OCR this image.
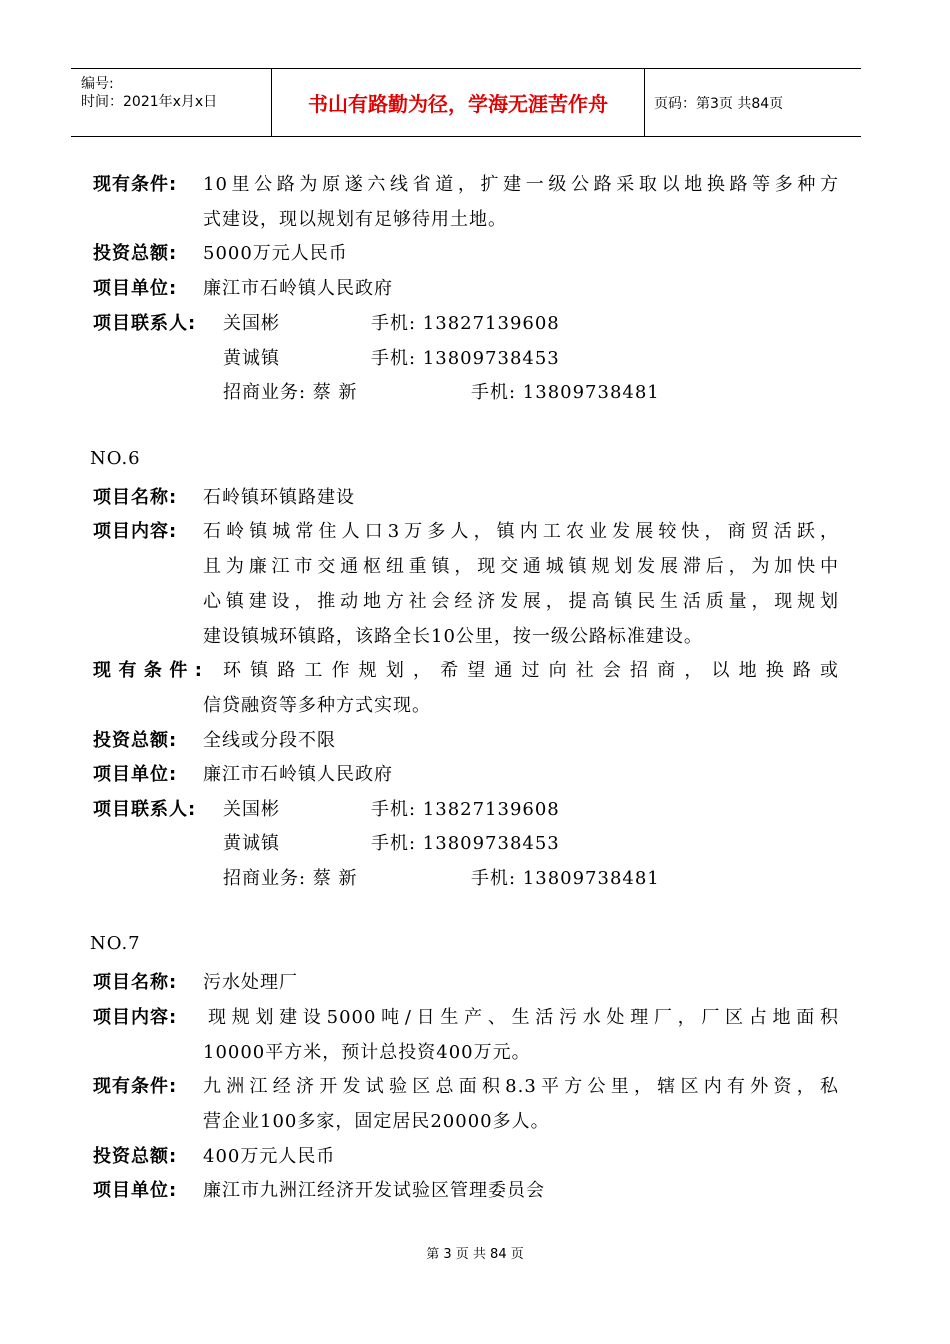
编号:
时间：2021年x月x日	书山有路勤为径，学海无涯苦作舟	页码：第3页 共84页
现有条件: 10里公路为原遂六线省道，扩建一级公路采取以地换路等多种方
式建设，现以规划有足够待用土地。
投资总额: 5000万元人民币
项目单位: 廉江市石岭镇人民政府
项目联系人: 关国彬	手机: 13827139608
黄诚镇	手机: 13809738453
招商业务: 蔡 新	手机: 13809738481
NO.6
项目名称: 石岭镇环镇路建设
项目内容: 石岭镇城常住人口3万多人，镇内工农业发展较快，商贸活跃，
且为廉江市交通枢纽重镇，现交通城镇规划发展滞后，为加快中
心镇建设，推动地方社会经济发展，提高镇民生活质量，现规划
建设镇城环镇路，该路全长10公里，按一级公路标准建设。
现有条件: 环镇路工作规划，希望通过向社会招商，以地换路或
信贷融资等多种方式实现。
投资总额: 全线或分段不限
项目单位: 廉江市石岭镇人民政府
项目联系人: 关国彬	手机: 13827139608
黄诚镇	手机: 13809738453
招商业务: 蔡 新	手机: 13809738481
NO.7
项目名称: 污水处理厂
项目内容: 现规划建设5000吨/日生产、生活污水处理厂，厂区占地面积
10000平方米，预计总投资400万元。
现有条件: 九洲江经济开发试验区总面积8.3平方公里，辖区内有外资，私
营企业100多家，固定居民20000多人。
投资总额: 400万元人民币
项目单位: 廉江市九洲江经济开发试验区管理委员会
第 3 页 共 84 页
